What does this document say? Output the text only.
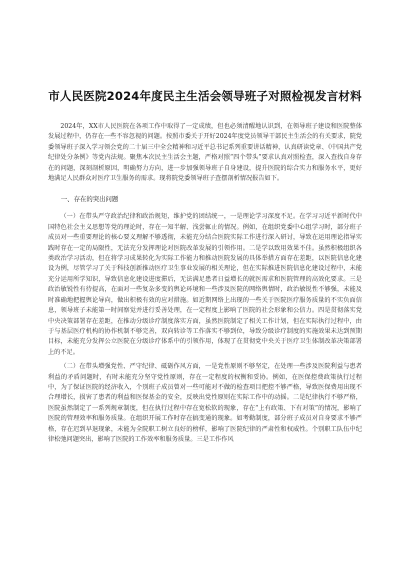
市人民医院2024年度民主生活会领导班子对照检视发言材料

2024年，XX市人民医院在各项工作中取得了一定成绩，但也必须清醒地认识到，在领导班子建设和医院整体发展过程中，仍存在一些不容忽视的问题。按照市委关于开好2024年度党员领导干部民主生活会的有关要求，院党委领导班子深入学习领会党的二十届三中全会精神和习近平总书记系列重要讲话精神，认真研读党章、《中国共产党纪律处分条例》等党内法规。聚焦本次民主生活会主题，严格对照“四个带头”要求认真对照检查，深入查找自身存在的问题，深刻剖析原因，明确努力方向，进一步加强领导班子自身建设，提升医院的综合实力和服务水平，更好地满足人民群众对医疗卫生服务的需求。现将院党委领导班子查摆剖析情况报告如下。

一、存在的突出问题

（一）在带头严守政治纪律和政治规矩，维护党的团结统一，一是理论学习深度不足。在学习习近平新时代中国特色社会主义思想等党的理论时，存在一知半解、浅尝辄止的情况。例如，在组织党委中心组学习时，部分班子成员对一些重要理论的核心要义理解不够透彻，未能充分结合医院实际工作进行深入研讨，导致在运用理论指导实践时存在一定的局限性，无法充分发挥理论对医院改革发展的引领作用。二是学以致用效果不佳。虽然积极组织各类政治学习活动，但在将学习成果转化为实际工作能力和推动医院发展的具体举措方面存在差距，以医院信息化建设为例，尽管学习了关于科技创新推动医疗卫生事业发展的相关理论，但在实际推进医院信息化建设过程中，未能充分运用所学知识，导致信息化建设进度滞后，无法满足患者日益增长的就医需求和医院管理的高效化要求。三是政治敏锐性有待提高，在面对一些复杂多变的舆论环境和一些涉及医院的网络舆情时，政治敏锐性不够强，未能及时准确地把握舆论导向，做出积极有效的应对措施。如近期网络上出现的一些关于医院医疗服务质量的不实负面信息，领导班子未能第一时间察觉并进行妥善处理，在一定程度上影响了医院的社会形象和公信力。四是贯彻落实党中央决策部署存在差距，在推动分级诊疗制度落实方面，虽然医院制定了相关工作计划，但在实际执行过程中，由于与基层医疗机构的协作机制不够完善，双向转诊等工作落实不够到位，导致分级诊疗制度的实施效果未达到预期目标，未能充分发挥公立医院在分级诊疗体系中的引领作用，体现了在贯彻党中央关于医疗卫生体制改革决策部署上的不足。

（二）在带头增强党性、严守纪律、砥砺作风方面，一是党性原则不够坚定，在处理一些涉及医院利益与患者利益的矛盾问题时，有时未能充分坚守党性原则，存在一定程度的权衡和妥协。例如，在医保控费政策执行过程中，为了保证医院的经济收入，个别班子成员曾对一些可能对不做的检查项目把控不够严格，导致医保费用出现不合理增长，损害了患者的利益和医保基金的安全，反映出党性原则在实际工作中的动摇。二是纪律执行不够严格，医院虽然制定了一系列规章制度，但在执行过程中存在宽松软的现象，存在“上有政策、下有对策”的情况，影响了医院的管理效率和服务质量。在组织开展工作时存在搞变通的现象。如考勤制度，部分班子成员对自身要求不够严格，存在迟到早退现象，未能为全院职工树立良好的榜样，影响了医院纪律的严肃性和权威性。个别职工队伍中纪律松弛问题突出，影响了医院的工作效率和服务质量。三是工作作风
